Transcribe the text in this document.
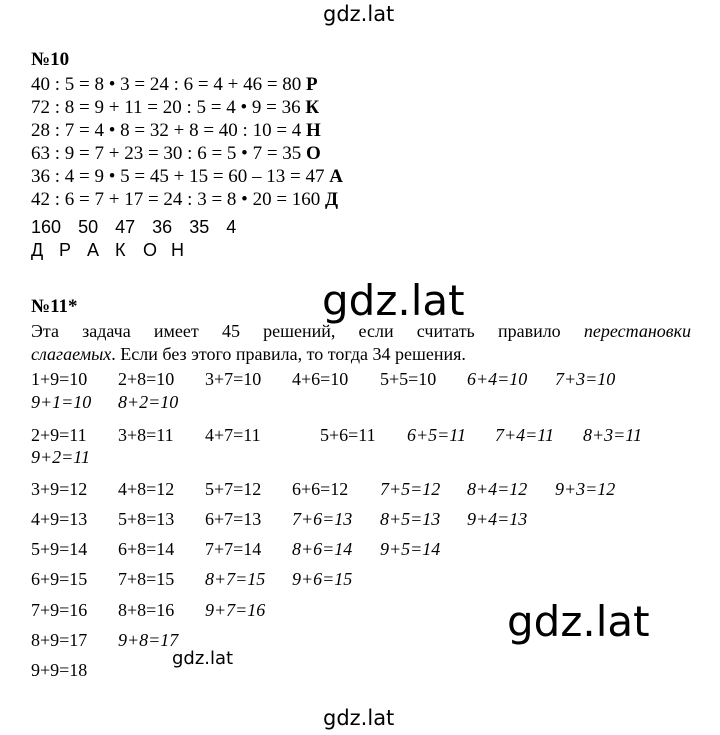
gdz.lat
№10
40 : 5 = 8 • 3 = 24 : 6 = 4 + 46 = 80 Р
72 : 8 = 9 + 11 = 20 : 5 = 4 • 9 = 36 К
28 : 7 = 4 • 8 = 32 + 8 = 40 : 10 = 4 Н
63 : 9 = 7 + 23 = 30 : 6 = 5 • 7 = 35 О
36 : 4 = 9 • 5 = 45 + 15 = 60 – 13 = 47 А
42 : 6 = 7 + 17 = 24 : 3 = 8 • 20 = 160 Д
160 50 47 36 35 4
Д Р А К О Н
№11*	gdz.lat
Эта задача имеет 45 решений, если считать правило перестановки
слагаемых. Если без этого правила, то тогда 34 решения.
1+9=10 2+8=10 3+7=10 4+6=10 5+5=10 6+4=10 7+3=10
9+1=10 8+2=10
2+9=11 3+8=11 4+7=11	5+6=11 6+5=11 7+4=11 8+3=11
9+2=11
3+9=12 4+8=12 5+7=12 6+6=12 7+5=12 8+4=12 9+3=12
4+9=13 5+8=13 6+7=13 7+6=13 8+5=13 9+4=13
5+9=14 6+8=14 7+7=14 8+6=14 9+5=14
6+9=15 7+8=15 8+7=15 9+6=15
7+9=16 8+8=16 9+7=16
8+9=17 9+8=17
9+9=18
gdz.lat
gdz.lat
gdz.lat
